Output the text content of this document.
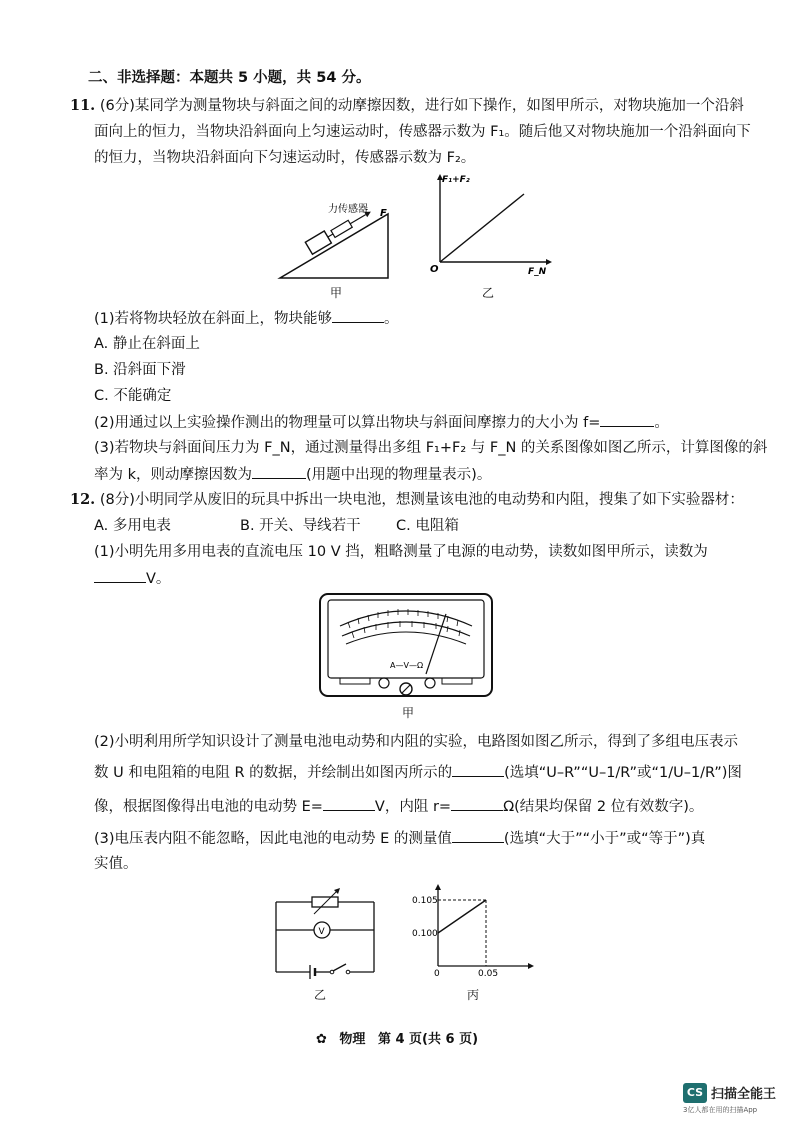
二、非选择题：本题共 5 小题，共 54 分。
11. (6分)某同学为测量物块与斜面之间的动摩擦因数，进行如下操作，如图甲所示，对物块施加一个沿斜
面向上的恒力，当物块沿斜面向上匀速运动时，传感器示数为 F₁。随后他又对物块施加一个沿斜面向下
的恒力，当物块沿斜面向下匀速运动时，传感器示数为 F₂。
力传感器 F
甲
F₁+F₂
F_N
O
乙
(1)若将物块轻放在斜面上，物块能够	。
A. 静止在斜面上
B. 沿斜面下滑
C. 不能确定
(2)用通过以上实验操作测出的物理量可以算出物块与斜面间摩擦力的大小为 f=	。
(3)若物块与斜面间压力为 F_N，通过测量得出多组 F₁+F₂ 与 F_N 的关系图像如图乙所示，计算图像的斜
率为 k，则动摩擦因数为	(用题中出现的物理量表示)。
12. (8分)小明同学从废旧的玩具中拆出一块电池，想测量该电池的电动势和内阻，搜集了如下实验器材：
A. 多用电表	B. 开关、导线若干 C. 电阻箱
(1)小明先用多用电表的直流电压 10 V 挡，粗略测量了电源的电动势，读数如图甲所示，读数为
V。
A—V—Ω
甲
(2)小明利用所学知识设计了测量电池电动势和内阻的实验，电路图如图乙所示，得到了多组电压表示
数 U 和电阻箱的电阻 R 的数据，并绘制出如图丙所示的	(选填“U–R”“U–1/R”或“1/U–1/R”)图
像，根据图像得出电池的电动势 E=	V，内阻 r=	Ω(结果均保留 2 位有效数字)。
(3)电压表内阻不能忽略，因此电池的电动势 E 的测量值	(选填“大于”“小于”或“等于”)真
实值。
V
乙
0.105
0.100
0	0.05
丙
✿ 物理 第 4 页(共 6 页)
CS 扫描全能王
3亿人都在用的扫描App
